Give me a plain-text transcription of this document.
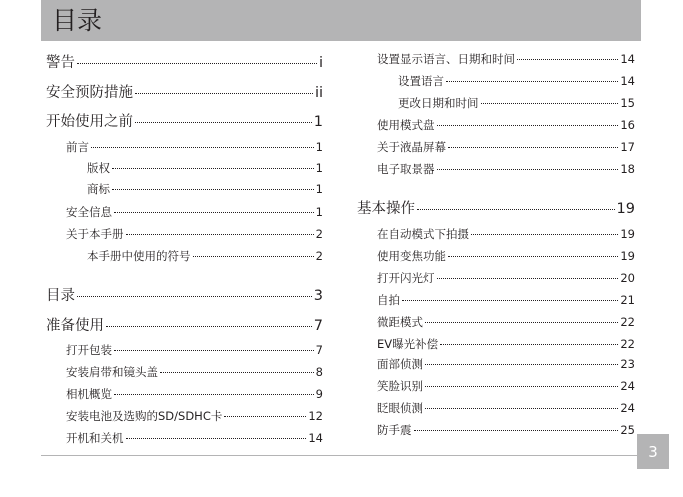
目录
警告	i
安全预防措施	ii
开始使用之前	1
前言	1
版权	1
商标	1
安全信息	1
关于本手册	2
本手册中使用的符号	2
目录	3
准备使用	7
打开包装	7
安装肩带和镜头盖	8
相机概览	9
安装电池及选购的SD/SDHC卡	12
开机和关机	14
设置显示语言、日期和时间	14
设置语言	14
更改日期和时间	15
使用模式盘	16
关于液晶屏幕	17
电子取景器	18
基本操作	19
在自动模式下拍摄	19
使用变焦功能	19
打开闪光灯	20
自拍	21
微距模式	22
EV曝光补偿	22
面部侦测	23
笑脸识别	24
眨眼侦测	24
防手震	25
3
